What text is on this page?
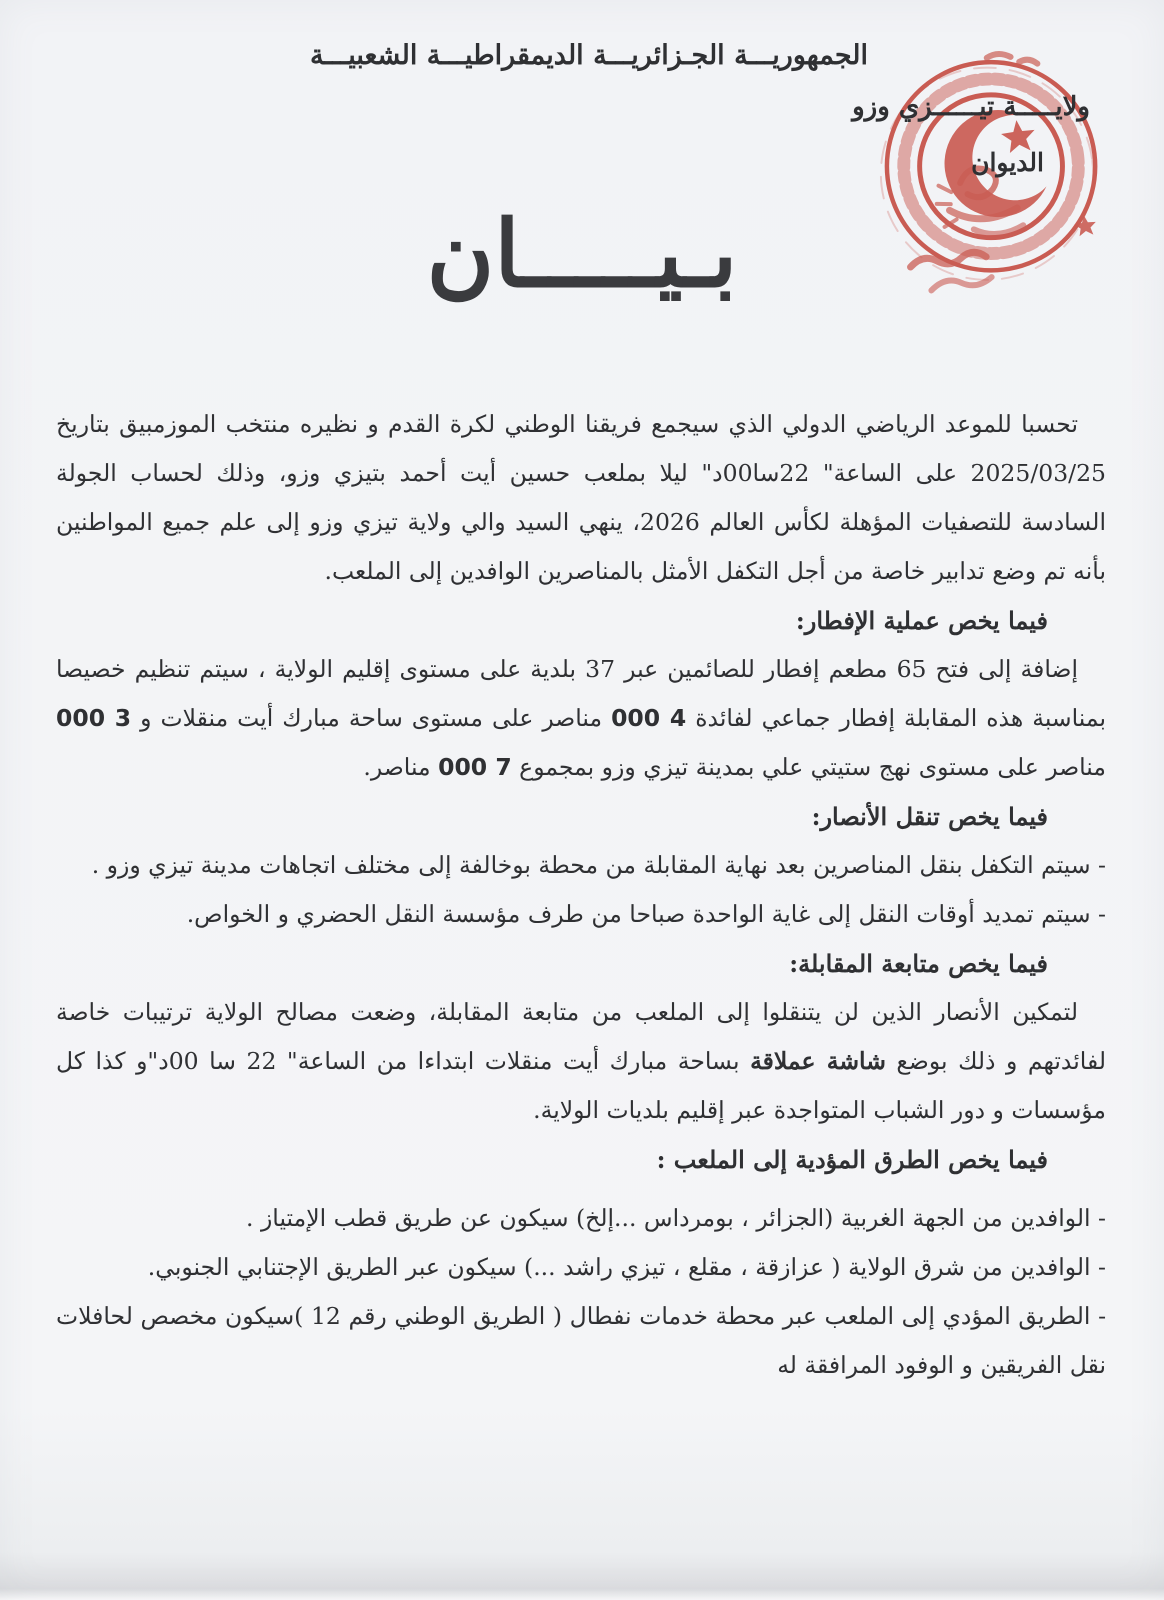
الجمهوريـــة الجـزائريـــة الديمقراطيـــة الشعبيـــة
ولايـــــة تيــــــزي وزو
الديوان
بـيـــــان

تحسبا للموعد الرياضي الدولي الذي سيجمع فريقنا الوطني لكرة القدم و نظيره منتخب الموزمبيق بتاريخ 2025/03/25 على الساعة" 22سا00د" ليلا بملعب حسين أيت أحمد بتيزي وزو، وذلك لحساب الجولة السادسة للتصفيات المؤهلة لكأس العالم 2026، ينهي السيد والي ولاية تيزي وزو إلى علم جميع المواطنين بأنه تم وضع تدابير خاصة من أجل التكفل الأمثل بالمناصرين الوافدين إلى الملعب.

فيما يخص عملية الإفطار:

إضافة إلى فتح 65 مطعم إفطار للصائمين عبر 37 بلدية على مستوى إقليم الولاية ، سيتم تنظيم خصيصا بمناسبة هذه المقابلة إفطار جماعي لفائدة 4 000 مناصر على مستوى ساحة مبارك أيت منقلات و 3 000 مناصر على مستوى نهج ستيتي علي بمدينة تيزي وزو بمجموع 7 000 مناصر.

فيما يخص تنقل الأنصار:

- سيتم التكفل بنقل المناصرين بعد نهاية المقابلة من محطة بوخالفة إلى مختلف اتجاهات مدينة تيزي وزو .

- سيتم تمديد أوقات النقل إلى غاية الواحدة صباحا من طرف مؤسسة النقل الحضري و الخواص.

فيما يخص متابعة المقابلة:

لتمكين الأنصار الذين لن يتنقلوا إلى الملعب من متابعة المقابلة، وضعت مصالح الولاية ترتيبات خاصة لفائدتهم و ذلك بوضع شاشة عملاقة بساحة مبارك أيت منقلات ابتداءا من الساعة" 22 سا 00د"و كذا كل مؤسسات و دور الشباب المتواجدة عبر إقليم بلديات الولاية.

فيما يخص الطرق المؤدية إلى الملعب :

- الوافدين من الجهة الغربية (الجزائر ، بومرداس ...إلخ) سيكون عن طريق قطب الإمتياز .

- الوافدين من شرق الولاية ( عزازقة ، مقلع ، تيزي راشد ...) سيكون عبر الطريق الإجتنابي الجنوبي.

- الطريق المؤدي إلى الملعب عبر محطة خدمات نفطال ( الطريق الوطني رقم 12 )سيكون مخصص لحافلات نقل الفريقين و الوفود المرافقة له
